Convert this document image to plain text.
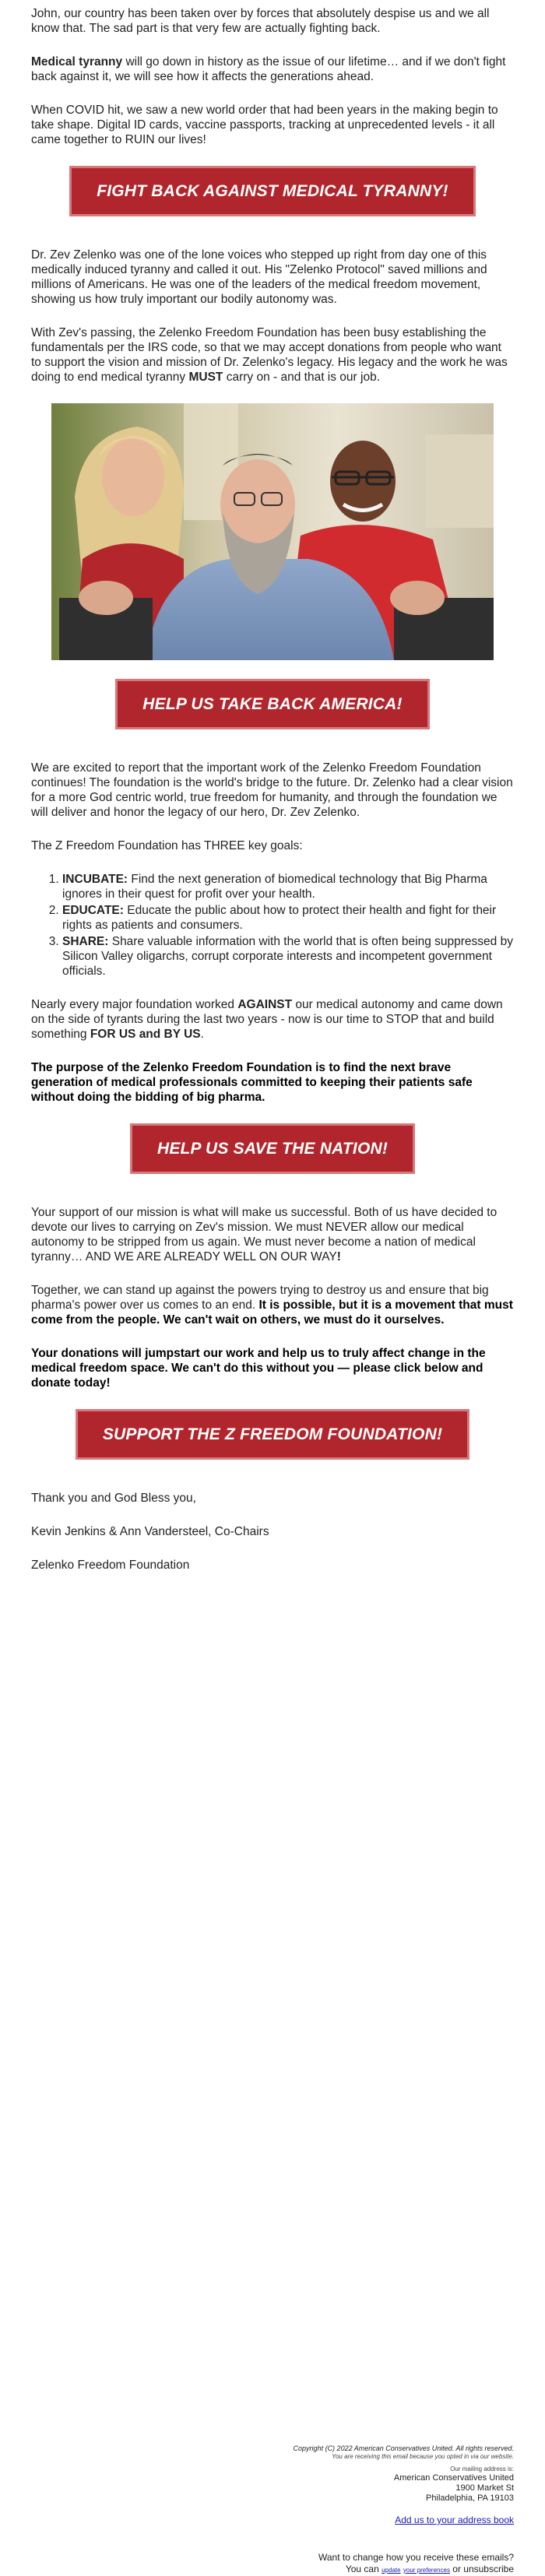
John, our country has been taken over by forces that absolutely despise us and we all know that. The sad part is that very few are actually fighting back.

Medical tyranny will go down in history as the issue of our lifetime… and if we don't fight back against it, we will see how it affects the generations ahead.

When COVID hit, we saw a new world order that had been years in the making begin to take shape. Digital ID cards, vaccine passports, tracking at unprecedented levels - it all came together to RUIN our lives!

FIGHT BACK AGAINST MEDICAL TYRANNY!

Dr. Zev Zelenko was one of the lone voices who stepped up right from day one of this medically induced tyranny and called it out. His "Zelenko Protocol" saved millions and millions of Americans. He was one of the leaders of the medical freedom movement, showing us how truly important our bodily autonomy was.

With Zev's passing, the Zelenko Freedom Foundation has been busy establishing the fundamentals per the IRS code, so that we may accept donations from people who want to support the vision and mission of Dr. Zelenko's legacy. His legacy and the work he was doing to end medical tyranny MUST carry on - and that is our job.

HELP US TAKE BACK AMERICA!

We are excited to report that the important work of the Zelenko Freedom Foundation continues! The foundation is the world's bridge to the future. Dr. Zelenko had a clear vision for a more God centric world, true freedom for humanity, and through the foundation we will deliver and honor the legacy of our hero, Dr. Zev Zelenko.

The Z Freedom Foundation has THREE key goals:

1. INCUBATE: Find the next generation of biomedical technology that Big Pharma ignores in their quest for profit over your health.
2. EDUCATE: Educate the public about how to protect their health and fight for their rights as patients and consumers.
3. SHARE: Share valuable information with the world that is often being suppressed by Silicon Valley oligarchs, corrupt corporate interests and incompetent government officials.

Nearly every major foundation worked AGAINST our medical autonomy and came down on the side of tyrants during the last two years - now is our time to STOP that and build something FOR US and BY US.

The purpose of the Zelenko Freedom Foundation is to find the next brave generation of medical professionals committed to keeping their patients safe without doing the bidding of big pharma.

HELP US SAVE THE NATION!

Your support of our mission is what will make us successful. Both of us have decided to devote our lives to carrying on Zev's mission. We must NEVER allow our medical autonomy to be stripped from us again. We must never become a nation of medical tyranny… AND WE ARE ALREADY WELL ON OUR WAY!

Together, we can stand up against the powers trying to destroy us and ensure that big pharma's power over us comes to an end. It is possible, but it is a movement that must come from the people. We can't wait on others, we must do it ourselves.

Your donations will jumpstart our work and help us to truly affect change in the medical freedom space. We can't do this without you — please click below and donate today!

SUPPORT THE Z FREEDOM FOUNDATION!

Thank you and God Bless you,

Kevin Jenkins & Ann Vandersteel, Co-Chairs

Zelenko Freedom Foundation

Copyright (C) 2022 American Conservatives United. All rights reserved.

You are receiving this email because you opted in via our website.

Our mailing address is:

American Conservatives United

1900 Market St

Philadelphia, PA 19103

Add us to your address book

Want to change how you receive these emails?

You can update your preferences or unsubscribe
